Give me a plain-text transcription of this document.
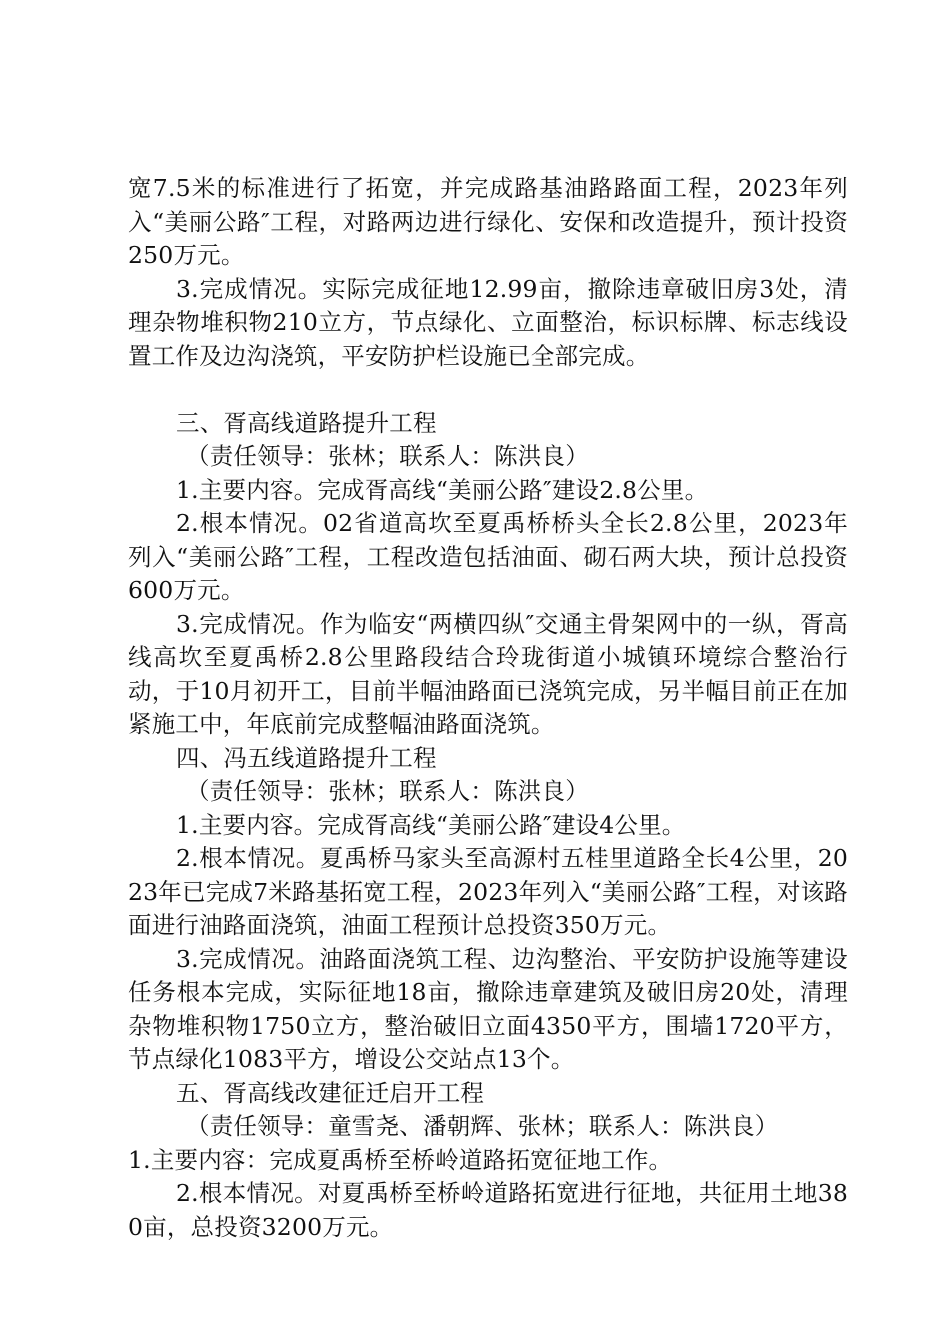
宽7.5米的标准进行了拓宽，并完成路基油路路面工程，2023年列入“美丽公路″工程，对路两边进行绿化、安保和改造提升，预计投资250万元。

3.完成情况。实际完成征地12.99亩，撤除违章破旧房3处，清理杂物堆积物210立方，节点绿化、立面整治，标识标牌、标志线设置工作及边沟浇筑，平安防护栏设施已全部完成。

三、胥高线道路提升工程

（责任领导：张林；联系人：陈洪良）

1.主要内容。完成胥高线“美丽公路″建设2.8公里。

2.根本情况。02省道高坎至夏禹桥桥头全长2.8公里，2023年列入“美丽公路″工程，工程改造包括油面、砌石两大块，预计总投资600万元。

3.完成情况。作为临安“两横四纵″交通主骨架网中的一纵，胥高线高坎至夏禹桥2.8公里路段结合玲珑街道小城镇环境综合整治行动，于10月初开工，目前半幅油路面已浇筑完成，另半幅目前正在加紧施工中，年底前完成整幅油路面浇筑。

四、冯五线道路提升工程

（责任领导：张林；联系人：陈洪良）

1.主要内容。完成胥高线“美丽公路″建设4公里。

2.根本情况。夏禹桥马家头至高源村五桂里道路全长4公里，2023年已完成7米路基拓宽工程，2023年列入“美丽公路″工程，对该路面进行油路面浇筑，油面工程预计总投资350万元。

3.完成情况。油路面浇筑工程、边沟整治、平安防护设施等建设任务根本完成，实际征地18亩，撤除违章建筑及破旧房20处，清理杂物堆积物1750立方，整治破旧立面4350平方，围墙1720平方，节点绿化1083平方，增设公交站点13个。

五、胥高线改建征迁启开工程

（责任领导：童雪尧、潘朝辉、张林；联系人：陈洪良）

1.主要内容：完成夏禹桥至桥岭道路拓宽征地工作。

2.根本情况。对夏禹桥至桥岭道路拓宽进行征地，共征用土地380亩，总投资3200万元。
